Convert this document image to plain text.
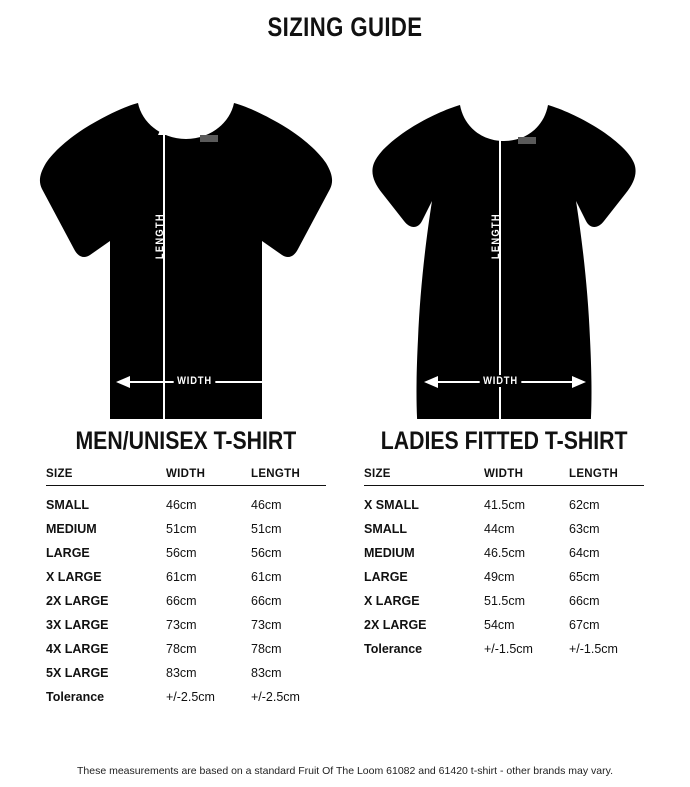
SIZING GUIDE
LENGTH
WIDTH
MEN/UNISEX T-SHIRT
SIZE	WIDTH	LENGTH
SMALL	46cm	46cm
MEDIUM	51cm	51cm
LARGE	56cm	56cm
X LARGE	61cm	61cm
2X LARGE	66cm	66cm
3X LARGE	73cm	73cm
4X LARGE	78cm	78cm
5X LARGE	83cm	83cm
Tolerance	+/-2.5cm	+/-2.5cm
LENGTH
WIDTH
LADIES FITTED T-SHIRT
SIZE	WIDTH	LENGTH
X SMALL	41.5cm	62cm
SMALL	44cm	63cm
MEDIUM	46.5cm	64cm
LARGE	49cm	65cm
X LARGE	51.5cm	66cm
2X LARGE	54cm	67cm
Tolerance	+/-1.5cm	+/-1.5cm
These measurements are based on a standard Fruit Of The Loom 61082 and 61420 t-shirt - other brands may vary.
